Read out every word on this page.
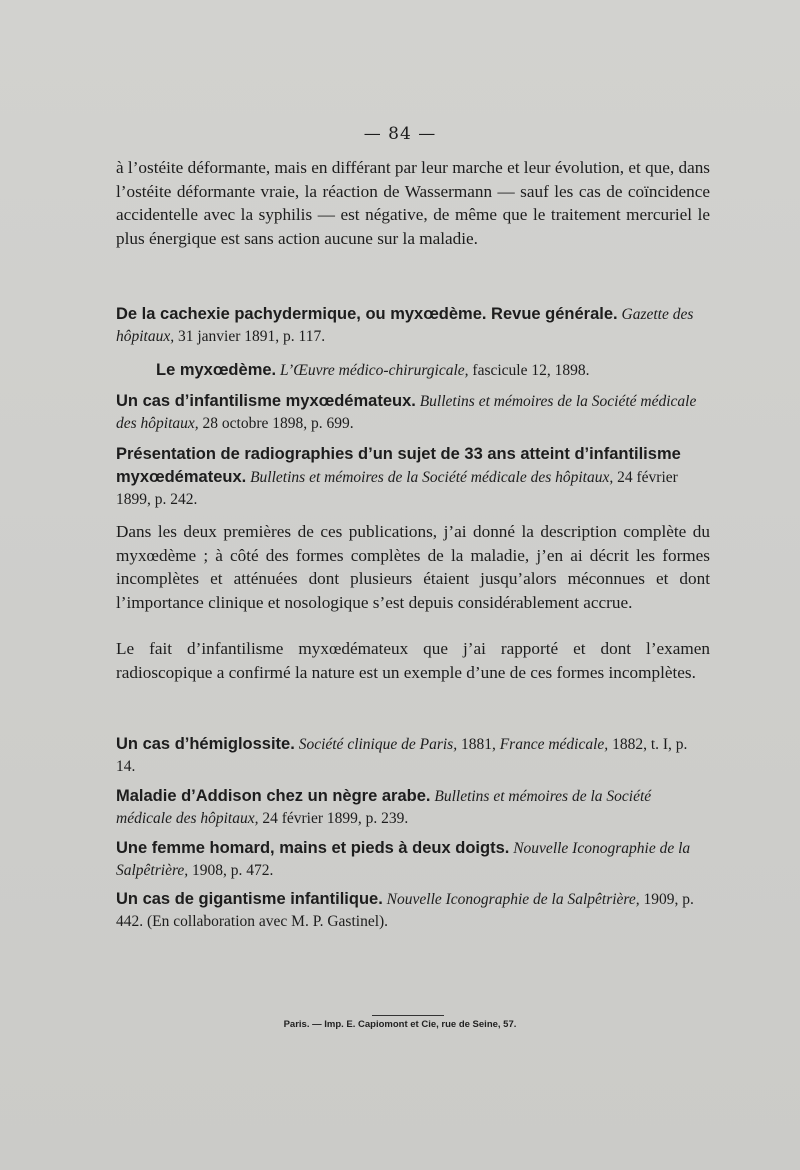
— 84 —
à l’ostéite déformante, mais en différant par leur marche et leur évolution, et que, dans l’ostéite déformante vraie, la réaction de Wassermann — sauf les cas de coïncidence accidentelle avec la syphilis — est négative, de même que le traitement mercuriel le plus énergique est sans action aucune sur la maladie.
De la cachexie pachydermique, ou myxœdème. Revue générale. Gazette des hôpitaux, 31 janvier 1891, p. 117.
Le myxœdème. L’Œuvre médico-chirurgicale, fascicule 12, 1898.
Un cas d’infantilisme myxœdémateux. Bulletins et mémoires de la Société médicale des hôpitaux, 28 octobre 1898, p. 699.
Présentation de radiographies d’un sujet de 33 ans atteint d’infantilisme myxœdémateux. Bulletins et mémoires de la Société médicale des hôpitaux, 24 février 1899, p. 242.
Dans les deux premières de ces publications, j’ai donné la description complète du myxœdème ; à côté des formes complètes de la maladie, j’en ai décrit les formes incomplètes et atténuées dont plusieurs étaient jusqu’alors méconnues et dont l’importance clinique et nosologique s’est depuis considérablement accrue.
Le fait d’infantilisme myxœdémateux que j’ai rapporté et dont l’examen radioscopique a confirmé la nature est un exemple d’une de ces formes incomplètes.
Un cas d’hémiglossite. Société clinique de Paris, 1881, France médicale, 1882, t. I, p. 14.
Maladie d’Addison chez un nègre arabe. Bulletins et mémoires de la Société médicale des hôpitaux, 24 février 1899, p. 239.
Une femme homard, mains et pieds à deux doigts. Nouvelle Iconographie de la Salpêtrière, 1908, p. 472.
Un cas de gigantisme infantilique. Nouvelle Iconographie de la Salpêtrière, 1909, p. 442. (En collaboration avec M. P. Gastinel).
Paris. — Imp. E. Capiomont et Cie, rue de Seine, 57.
